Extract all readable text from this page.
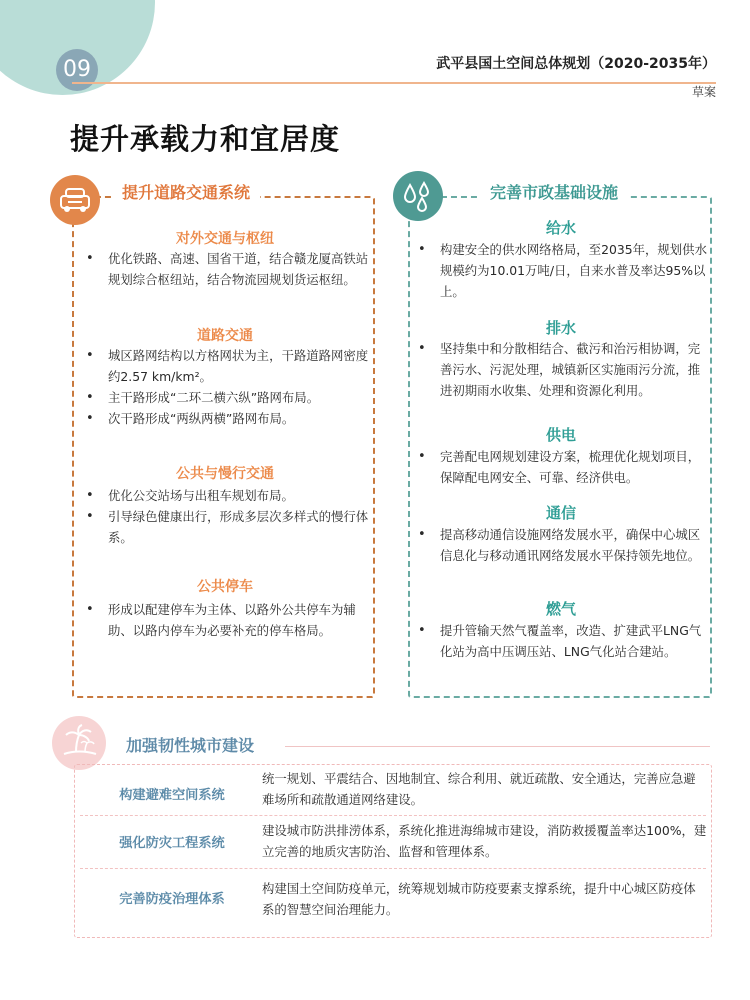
09	武平县国土空间总体规划（2020-2035年）
草案
提升承载力和宜居度
提升道路交通系统
对外交通与枢纽
• 优化铁路、高速、国省干道，结合赣龙厦高铁站规划综合枢纽站，结合物流园规划货运枢纽。
道路交通
• 城区路网结构以方格网状为主，干路道路网密度约2.57 km/km²。
• 主干路形成“二环二横六纵”路网布局。
• 次干路形成“两纵两横”路网布局。
公共与慢行交通
• 优化公交站场与出租车规划布局。
• 引导绿色健康出行，形成多层次多样式的慢行体系。
公共停车
• 形成以配建停车为主体、以路外公共停车为辅助、以路内停车为必要补充的停车格局。
完善市政基础设施
给水
• 构建安全的供水网络格局，至2035年，规划供水规模约为10.01万吨/日，自来水普及率达95%以上。
排水
• 坚持集中和分散相结合、截污和治污相协调，完善污水、污泥处理，城镇新区实施雨污分流，推进初期雨水收集、处理和资源化利用。
供电
• 完善配电网规划建设方案，梳理优化规划项目，保障配电网安全、可靠、经济供电。
通信
• 提高移动通信设施网络发展水平，确保中心城区信息化与移动通讯网络发展水平保持领先地位。
燃气
• 提升管输天然气覆盖率，改造、扩建武平LNG气化站为高中压调压站、LNG气化站合建站。
加强韧性城市建设
构建避难空间系统
统一规划、平震结合、因地制宜、综合利用、就近疏散、安全通达，完善应急避难场所和疏散通道网络建设。
强化防灾工程系统
建设城市防洪排涝体系，系统化推进海绵城市建设，消防救援覆盖率达100%，建立完善的地质灾害防治、监督和管理体系。
完善防疫治理体系
构建国土空间防疫单元，统筹规划城市防疫要素支撑系统，提升中心城区防疫体系的智慧空间治理能力。
